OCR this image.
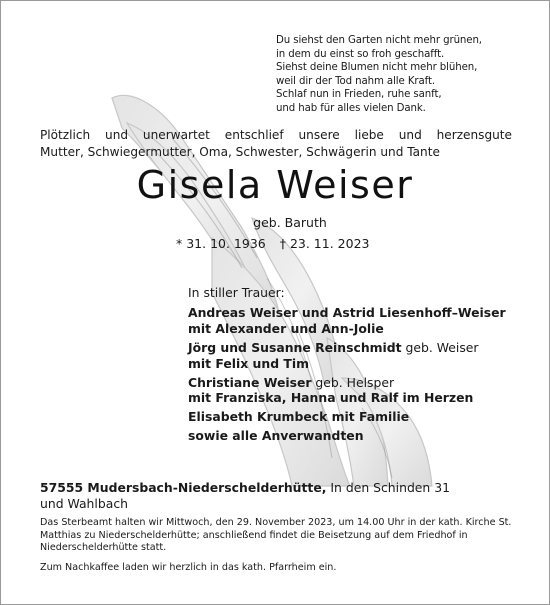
Du siehst den Garten nicht mehr grünen,
in dem du einst so froh geschafft.
Siehst deine Blumen nicht mehr blühen,
weil dir der Tod nahm alle Kraft.
Schlaf nun in Frieden, ruhe sanft,
und hab für alles vielen Dank.
Plötzlich und unerwartet entschlief unsere liebe und herzensgute
Mutter, Schwiegermutter, Oma, Schwester, Schwägerin und Tante
Gisela Weiser
geb. Baruth
* 31. 10. 1936 † 23. 11. 2023
In stiller Trauer:
Andreas Weiser und Astrid Liesenhoff–Weiser
mit Alexander und Ann-Jolie
Jörg und Susanne Reinschmidt geb. Weiser
mit Felix und Tim
Christiane Weiser geb. Helsper
mit Franziska, Hanna und Ralf im Herzen
Elisabeth Krumbeck mit Familie
sowie alle Anverwandten
57555 Mudersbach-Niederschelderhütte, In den Schinden 31
und Wahlbach

Das Sterbeamt halten wir Mittwoch, den 29. November 2023, um 14.00 Uhr in der kath. Kirche St. Matthias zu Niederschelderhütte; anschließend findet die Beisetzung auf dem Friedhof in Niederschelderhütte statt.

Zum Nachkaffee laden wir herzlich in das kath. Pfarrheim ein.
